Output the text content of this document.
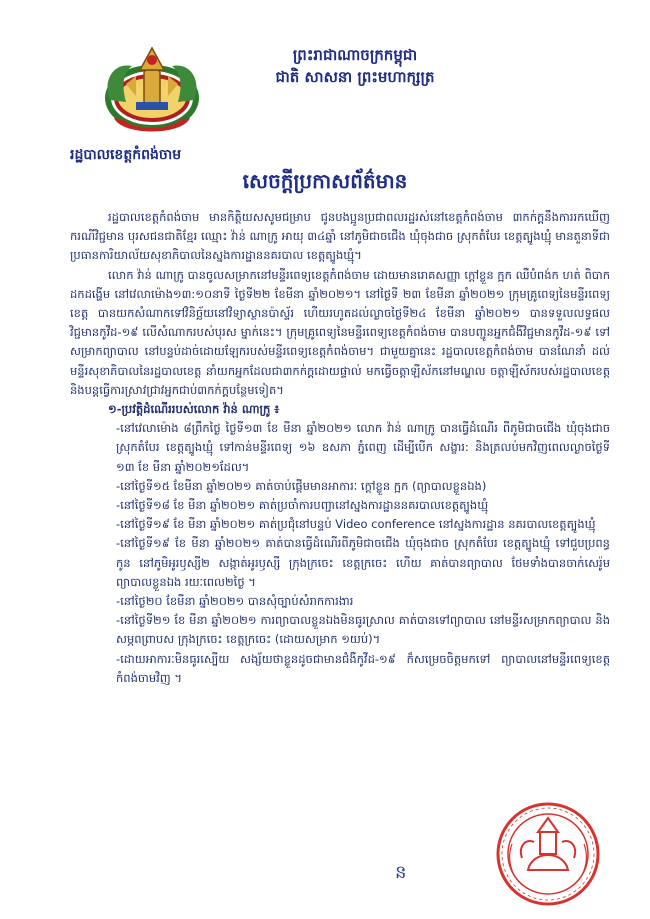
ព្រះរាជាណាចក្រកម្ពុជា
ជាតិ សាសនា ព្រះមហាក្សត្រ
រដ្ឋបាលខេត្តកំពង់ចាម
សេចក្តីប្រកាសព័ត៌មាន

រដ្ឋបាលខេត្តកំពង់ចាម មានកិត្តិយសសូមជម្រាប ជូនបងប្អូនប្រជាពលរដ្ឋរស់នៅខេត្តកំពង់ចាម ៣កក់ក្ត្តនឹងការរកឃើញករណីវិជ្ជមាន បុរសជនជាតិខ្មែរ ឈ្មោះ វ៉ាន់ ណាក្រូ អាយុ ៣៤ឆ្នាំ នៅភូមិជាចជើង ឃុំចុងជាច ស្រុកតំបែរ ខេត្តត្បូងឃ្មុំ មានតួនាទីជាប្រធានការិយាល័យសុខាភិបាលនៃស្នងការដ្ឋាននគរបាល ខេត្តត្បូងឃ្មុំ។

លោក វ៉ាន់ ណាក្រូ បានចូលសម្រាកនៅមន្ទីរពេទ្យខេត្តកំពង់ចាម ដោយមានរោគសញ្ញា ក្តៅខ្លួន ក្អក ឈឺបំពង់ក ហត់ ពិបាកដកដង្ហើម នៅវេលាម៉ោង១៣:១០នាទី ថ្ងៃទី២២ ខែមីនា ឆ្នាំ២០២១។ នៅថ្ងៃទី ២៣ ខែមីនា ឆ្នាំ២០២១ ក្រុមគ្រូពេទ្យនៃមន្ទីរពេទ្យខេត្ត បានយកសំណាកទៅវិនិច្ឆ័យនៅវិទ្យាស្ថានប៉ាស្ទ័រ ហើយរហូតដល់ល្ងាចថ្ងៃទី២៤ ខែមីនា ឆ្នាំ២០២១ បានទទួលលទ្ធផលវិជ្ជមានកូវីដ-១៩ លើសំណាករបស់បុរស ម្នាក់នេះ។ ក្រុមគ្រូពេទ្យនៃមន្ទីរពេទ្យខេត្តកំពង់ចាម បានបញ្ជូនអ្នកជំងឺវិជ្ជមានកូវីដ-១៩ ទៅសម្រាកព្យាបាល នៅបន្ទប់ដាច់ដោយឡែករបស់មន្ទីរពេទ្យខេត្តកំពង់ចាម។ ជាមួយគ្នានេះ រដ្ឋបាលខេត្តកំពង់ចាម បានណែនាំ ដល់មន្ទីរសុខាភិបាលនៃរដ្ឋបាលខេត្ត នាំយកអ្នកដែលជា៣កក់ក្ត្តដោយផ្ទាល់ មកធ្វើចត្តាឡីស័កនៅមណ្ឌល ចត្តាឡីស័ករបស់រដ្ឋបាលខេត្ត និងបន្តធ្វើការស្រាវជ្រាវអ្នកជាប់៣កក់ក្ត្តបន្ថែមទៀត។

១-ប្រវត្តិដំណើររបស់លោក វ៉ាន់ ណាក្រូ ៖

-នៅវេលាម៉ោង ៨ព្រឹកថ្ងៃ ថ្ងៃទី១៣ ខែ មីនា ឆ្នាំ២០២១ លោក វ៉ាន់ ណាក្រូ បានធ្វើដំណើរ ពីភូមិជាចជើង ឃុំចុងជាច ស្រុកតំបែរ ខេត្តត្បូងឃ្មុំ ទៅកាន់មន្ទីរពេទ្យ ១៦ ឧសភា ភ្នំពេញ ដើម្បីបើក សង្ខារ: និងត្រលប់មកវិញពេលល្ងាចថ្ងៃទី ១៣ ខែ មីនា ឆ្នាំ២០២១ដែល។

-នៅថ្ងៃទី១៥ ខែមីនា ឆ្នាំ២០២១ គាត់ចាប់ផ្តើមមានអាការៈ ក្តៅខ្លួន ក្អក (ព្យាបាលខ្លួនឯង)

-នៅថ្ងៃទី១៨ ខែ មីនា ឆ្នាំ២០២១ គាត់ប្រចាំការបញ្ជានៅស្នងការដ្ឋាននគរបាលខេត្តត្បូងឃ្មុំ

-នៅថ្ងៃទី១៩ ខែ មីនា ឆ្នាំ២០២១ គាត់ប្រជុំនៅបន្ទប់ Video conference នៅស្នងការដ្ឋាន នគរបាលខេត្តត្បូងឃ្មុំ

-នៅថ្ងៃទី១៩ ខែ មីនា ឆ្នាំ២០២១ គាត់បានធ្វើដំណើរពីភូមិជាចជើង ឃុំចុងជាច ស្រុកតំបែរ ខេត្តត្បូងឃ្មុំ ទៅជួបប្រពន្ធកូន នៅភូមិអូរឫស្សី២ សង្កាត់អូរឫស្សី ក្រុងក្រចេះ ខេត្តក្រចេះ ហើយ គាត់បានព្យាបាល ថែមទាំងបានចាក់សេរ៉ូមព្យាបាលខ្លួនឯង រយៈពេល២ថ្ងៃ ។

-នៅថ្ងៃ២០ ខែមីនា ឆ្នាំ២០២១ បានសុំច្បាប់សំរាកការងារ

-នៅថ្ងៃទី២១ ខែ មីនា ឆ្នាំ២០២១ ការព្យាបាលខ្លួនឯងមិនធូរស្រាល គាត់បានទៅព្យាបាល នៅមន្ទីរសម្រាកព្យាបាល និងសម្ភពព្រាបស ក្រុងក្រចេះ ខេត្តក្រចេះ (ដោយសម្រាក ១យប់)។

-ដោយអាការៈមិនធូរស្បើយ សង្ស័យថាខ្លួនដូចជាមានជំងឺកូវីដ-១៩ ក៏សម្រេចចិត្តមកទៅ ព្យាបាលនៅមន្ទីរពេទ្យខេត្តកំពង់ចាមវិញ ។

ន
